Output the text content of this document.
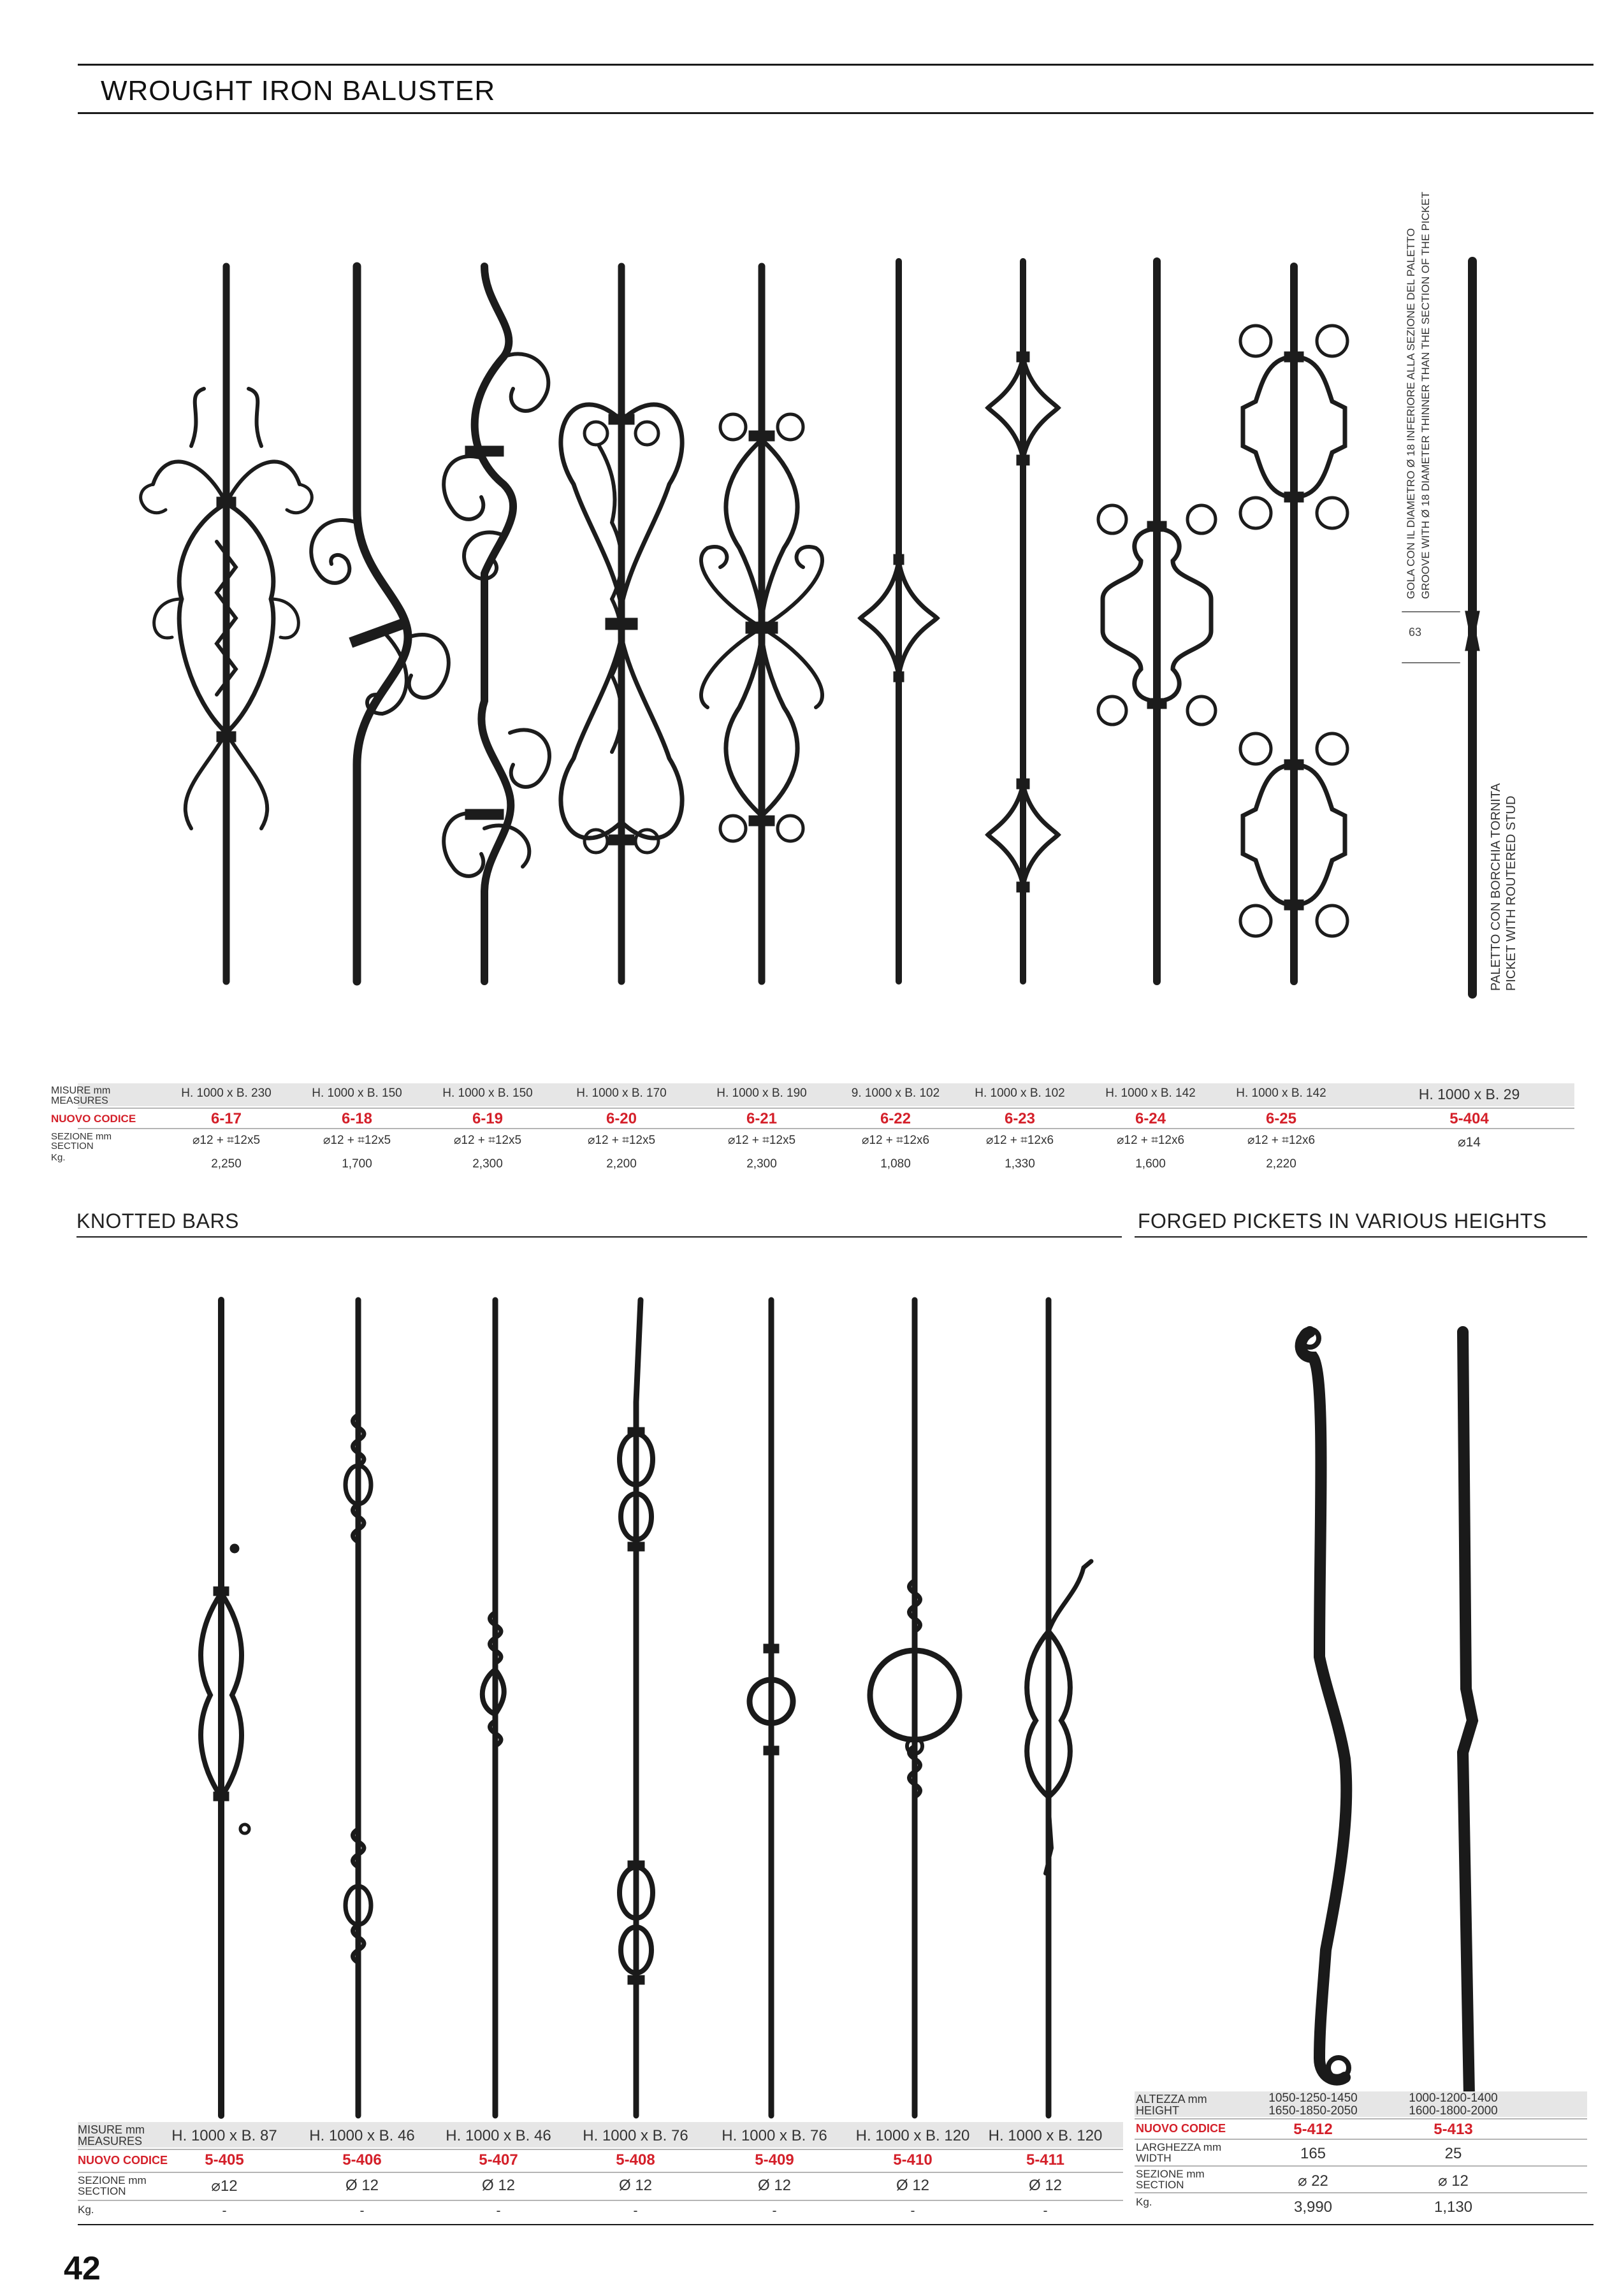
WROUGHT IRON BALUSTER
GOLA CON IL DIAMETRO Ø 18 INFERIORE ALLA SEZIONE DEL PALETTO GROOVE WITH Ø 18 DIAMETER THINNER THAN THE SECTION OF THE PICKET
63
PALETTO CON BORCHIA TORNITA PICKET WITH ROUTERED STUD
MISURE mm
MEASURES
NUOVO CODICE
SEZIONE mm
SECTION
Kg.
H. 1000 x B. 230
6-17
⌀12 + ⌗12x5
2,250
H. 1000 x B. 150
6-18
⌀12 + ⌗12x5
1,700
H. 1000 x B. 150
6-19
⌀12 + ⌗12x5
2,300
H. 1000 x B. 170
6-20
⌀12 + ⌗12x5
2,200
H. 1000 x B. 190
6-21
⌀12 + ⌗12x5
2,300
9. 1000 x B. 102
6-22
⌀12 + ⌗12x6
1,080
H. 1000 x B. 102
6-23
⌀12 + ⌗12x6
1,330
H. 1000 x B. 142
6-24
⌀12 + ⌗12x6
1,600
H. 1000 x B. 142
6-25
⌀12 + ⌗12x6
2,220
H. 1000 x B. 29
5-404
⌀14
KNOTTED BARS	FORGED PICKETS IN VARIOUS HEIGHTS
MISURE mm
MEASURES
NUOVO CODICE
SEZIONE mm
SECTION
Kg.
H. 1000 x B. 87
5-405
⌀12
-
H. 1000 x B. 46
5-406
Ø 12
-
H. 1000 x B. 46
5-407
Ø 12
-
H. 1000 x B. 76
5-408
Ø 12
-
H. 1000 x B. 76
5-409
Ø 12
-
H. 1000 x B. 120
5-410
Ø 12
-
H. 1000 x B. 120
5-411
Ø 12
-
ALTEZZA mm
HEIGHT
NUOVO CODICE
LARGHEZZA mm
WIDTH
SEZIONE mm
SECTION
Kg.
1050-1250-1450
1650-1850-2050
5-412
165
⌀ 22
3,990
1000-1200-1400
1600-1800-2000
5-413
25
⌀ 12
1,130
42
